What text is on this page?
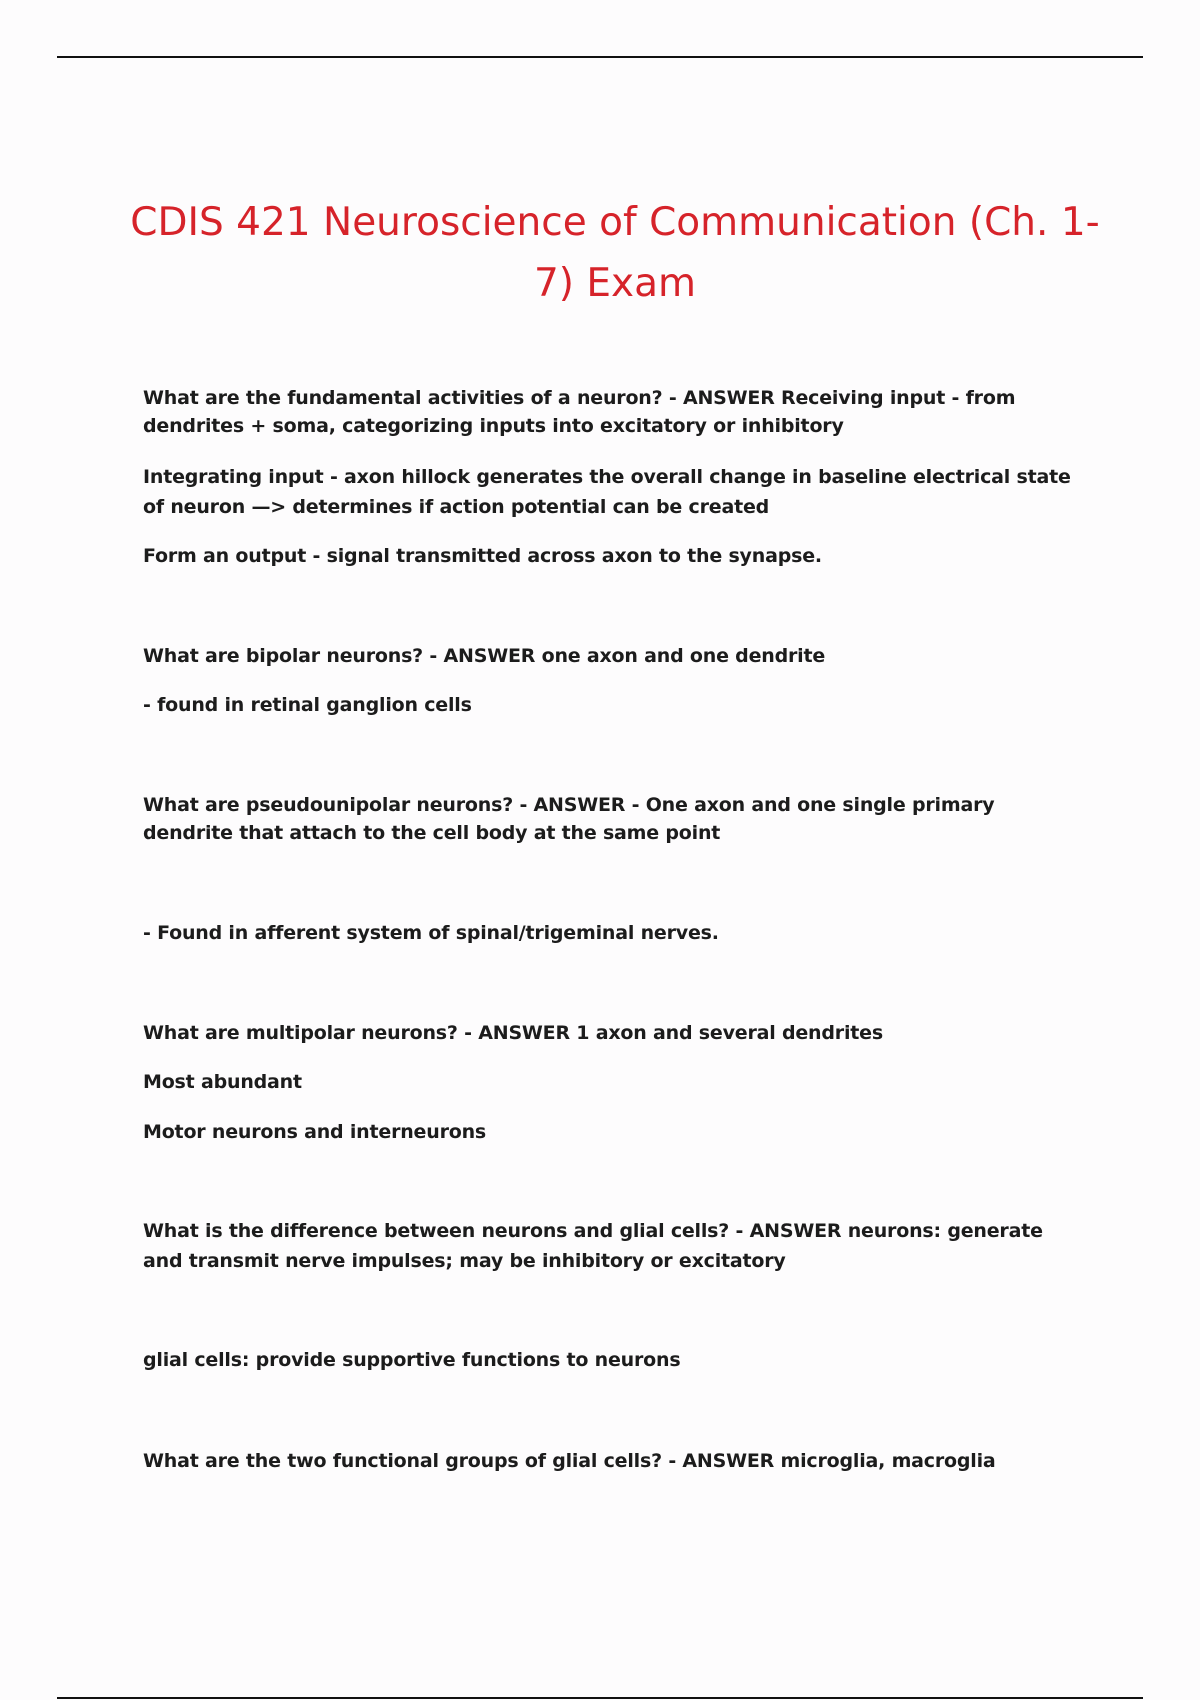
CDIS 421 Neuroscience of Communication (Ch. 1-7) Exam

What are the fundamental activities of a neuron? - ANSWER Receiving input - from

dendrites + soma, categorizing inputs into excitatory or inhibitory

Integrating input - axon hillock generates the overall change in baseline electrical state

of neuron —> determines if action potential can be created

Form an output - signal transmitted across axon to the synapse.

What are bipolar neurons? - ANSWER one axon and one dendrite

- found in retinal ganglion cells

What are pseudounipolar neurons? - ANSWER - One axon and one single primary

dendrite that attach to the cell body at the same point

- Found in afferent system of spinal/trigeminal nerves.

What are multipolar neurons? - ANSWER 1 axon and several dendrites

Most abundant

Motor neurons and interneurons

What is the difference between neurons and glial cells? - ANSWER neurons: generate

and transmit nerve impulses; may be inhibitory or excitatory

glial cells: provide supportive functions to neurons

What are the two functional groups of glial cells? - ANSWER microglia, macroglia
